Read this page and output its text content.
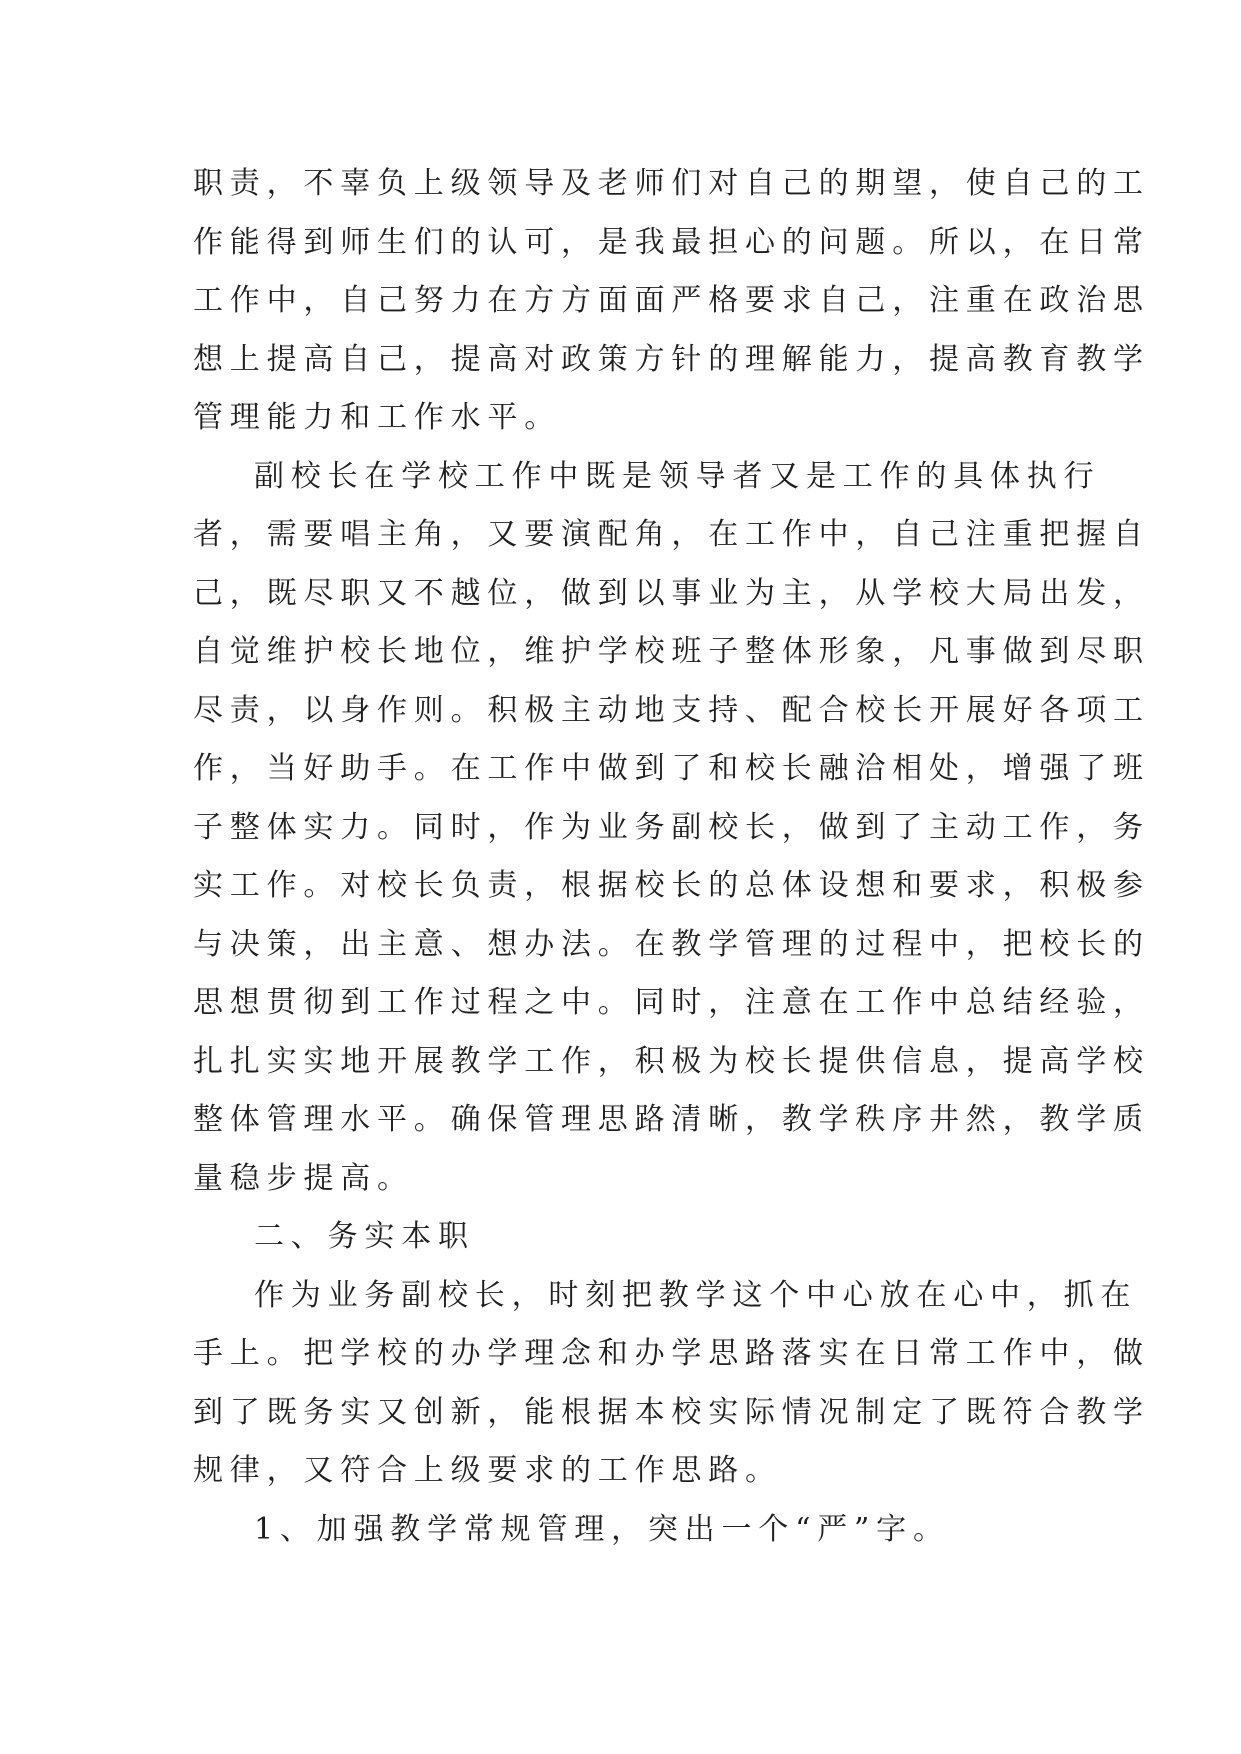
职责，不辜负上级领导及老师们对自己的期望，使自己的工
作能得到师生们的认可，是我最担心的问题。所以，在日常
工作中，自己努力在方方面面严格要求自己，注重在政治思
想上提高自己，提高对政策方针的理解能力，提高教育教学
管理能力和工作水平。
副校长在学校工作中既是领导者又是工作的具体执行
者，需要唱主角，又要演配角，在工作中，自己注重把握自
己，既尽职又不越位，做到以事业为主，从学校大局出发，
自觉维护校长地位，维护学校班子整体形象，凡事做到尽职
尽责，以身作则。积极主动地支持、配合校长开展好各项工
作，当好助手。在工作中做到了和校长融洽相处，增强了班
子整体实力。同时，作为业务副校长，做到了主动工作，务
实工作。对校长负责，根据校长的总体设想和要求，积极参
与决策，出主意、想办法。在教学管理的过程中，把校长的
思想贯彻到工作过程之中。同时，注意在工作中总结经验，
扎扎实实地开展教学工作，积极为校长提供信息，提高学校
整体管理水平。确保管理思路清晰，教学秩序井然，教学质
量稳步提高。
二、务实本职
作为业务副校长，时刻把教学这个中心放在心中，抓在
手上。把学校的办学理念和办学思路落实在日常工作中，做
到了既务实又创新，能根据本校实际情况制定了既符合教学
规律，又符合上级要求的工作思路。
1、加强教学常规管理，突出一个“严”字。
